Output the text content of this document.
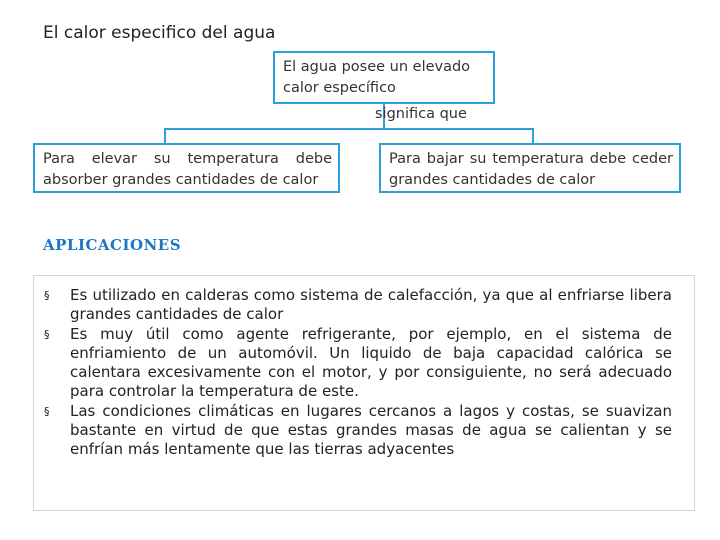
El calor especifico del agua
El agua posee un elevado calor específico
significa que
Para elevar su temperatura debe absorber grandes cantidades de calor
Para bajar su temperatura debe ceder grandes cantidades de calor
APLICACIONES
§ Es utilizado en calderas como sistema de calefacción, ya que al enfriarse libera grandes cantidades de calor
§ Es muy útil como agente refrigerante, por ejemplo, en el sistema de enfriamiento de un automóvil. Un liquido de baja capacidad calórica se calentara excesivamente con el motor, y por consiguiente, no será adecuado para controlar la temperatura de este.
§ Las condiciones climáticas en lugares cercanos a lagos y costas, se suavizan bastante en virtud de que estas grandes masas de agua se calientan y se enfrían más lentamente que las tierras adyacentes
